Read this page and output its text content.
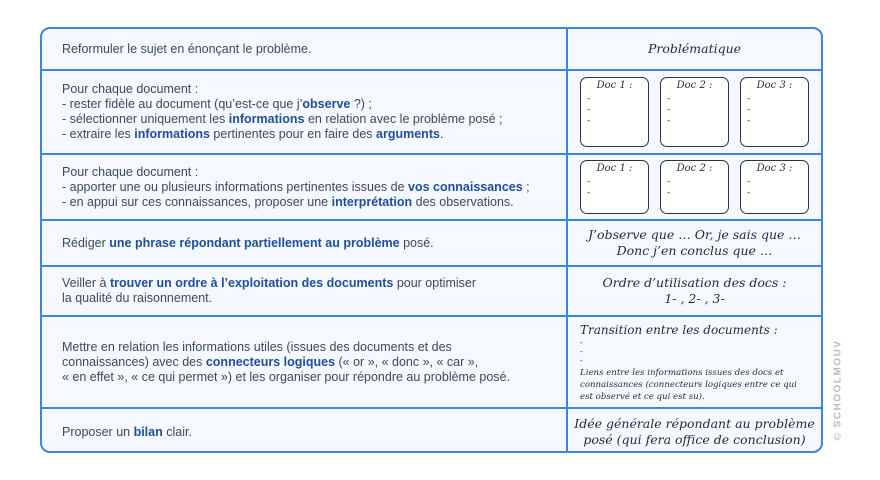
Reformuler le sujet en énonçant le problème.	Problématique

Pour chaque document :
- rester fidèle au document (qu’est-ce que j’observe ?) ;
- sélectionner uniquement les informations en relation avec le problème posé ;
- extraire les informations pertinentes pour en faire des arguments.

Doc 1 :
-
-
-
Doc 2 :
-
-
-
Doc 3 :
-
-
-

Pour chaque document :
- apporter une ou plusieurs informations pertinentes issues de vos connaissances ;
- en appui sur ces connaissances, proposer une interprétation des observations.

Doc 1 :
-
-
Doc 2 :
-
-
Doc 3 :
-
-

Rédiger une phrase répondant partiellement au problème posé.

J’observe que … Or, je sais que …
Donc j’en conclus que …

Veiller à trouver un ordre à l’exploitation des documents pour optimiser
la qualité du raisonnement.

Ordre d’utilisation des docs :
1- , 2- , 3-

Mettre en relation les informations utiles (issues des documents et des
connaissances) avec des connecteurs logiques (« or », « donc », « car »,
« en effet », « ce qui permet ») et les organiser pour répondre au problème posé.

Transition entre les documents :
-
-
-
Liens entre les informations issues des docs et
connaissances (connecteurs logiques entre ce qui
est observé et ce qui est su).

Proposer un bilan clair.

Idée générale répondant au problème
posé (qui fera office de conclusion)	© SCHOOLMOUV
